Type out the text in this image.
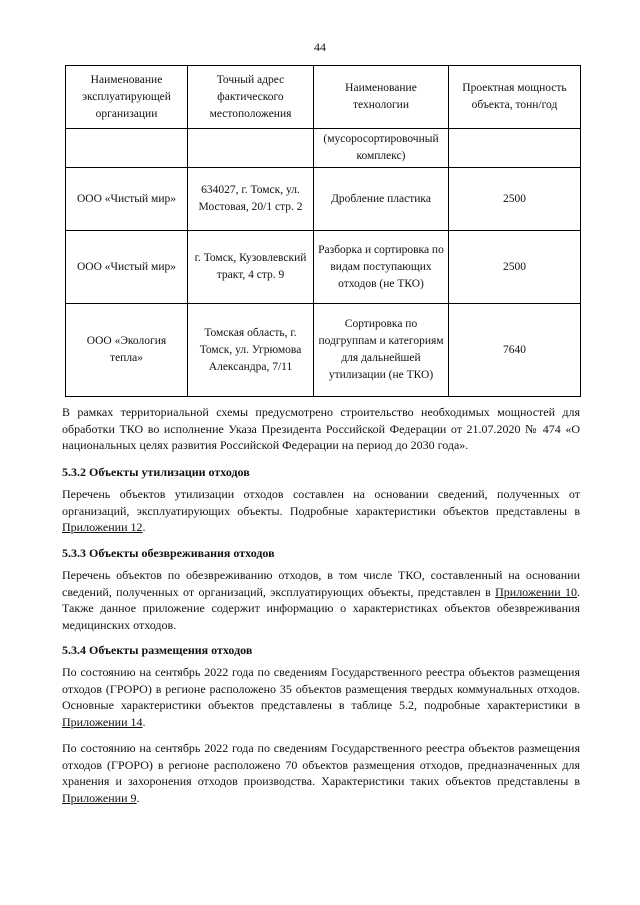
44
Наименование эксплуатирующей организации	Точный адрес фактического местоположения	Наименование технологии	Проектная мощность объекта, тонн/год
		(мусоросортировочный комплекс)	
ООО «Чистый мир»	634027, г. Томск, ул. Мостовая, 20/1 стр. 2	Дробление пластика	2500
ООО «Чистый мир»	г. Томск, Кузовлевский тракт, 4 стр. 9	Разборка и сортировка по видам поступающих отходов (не ТКО)	2500
ООО «Экология тепла»	Томская область, г. Томск, ул. Угрюмова Александра, 7/11	Сортировка по подгруппам и категориям для дальнейшей утилизации (не ТКО)	7640

В рамках территориальной схемы предусмотрено строительство необходимых мощностей для обработки ТКО во исполнение Указа Президента Российской Федерации от 21.07.2020 № 474 «О национальных целях развития Российской Федерации на период до 2030 года».

5.3.2 Объекты утилизации отходов

Перечень объектов утилизации отходов составлен на основании сведений, полученных от организаций, эксплуатирующих объекты. Подробные характеристики объектов представлены в Приложении 12.

5.3.3 Объекты обезвреживания отходов

Перечень объектов по обезвреживанию отходов, в том числе ТКО, составленный на основании сведений, полученных от организаций, эксплуатирующих объекты, представлен в Приложении 10. Также данное приложение содержит информацию о характеристиках объектов обезвреживания медицинских отходов.

5.3.4 Объекты размещения отходов

По состоянию на сентябрь 2022 года по сведениям Государственного реестра объектов размещения отходов (ГРОРО) в регионе расположено 35 объектов размещения твердых коммунальных отходов. Основные характеристики объектов представлены в таблице 5.2, подробные характеристики в Приложении 14.

По состоянию на сентябрь 2022 года по сведениям Государственного реестра объектов размещения отходов (ГРОРО) в регионе расположено 70 объектов размещения отходов, предназначенных для хранения и захоронения отходов производства. Характеристики таких объектов представлены в Приложении 9.
